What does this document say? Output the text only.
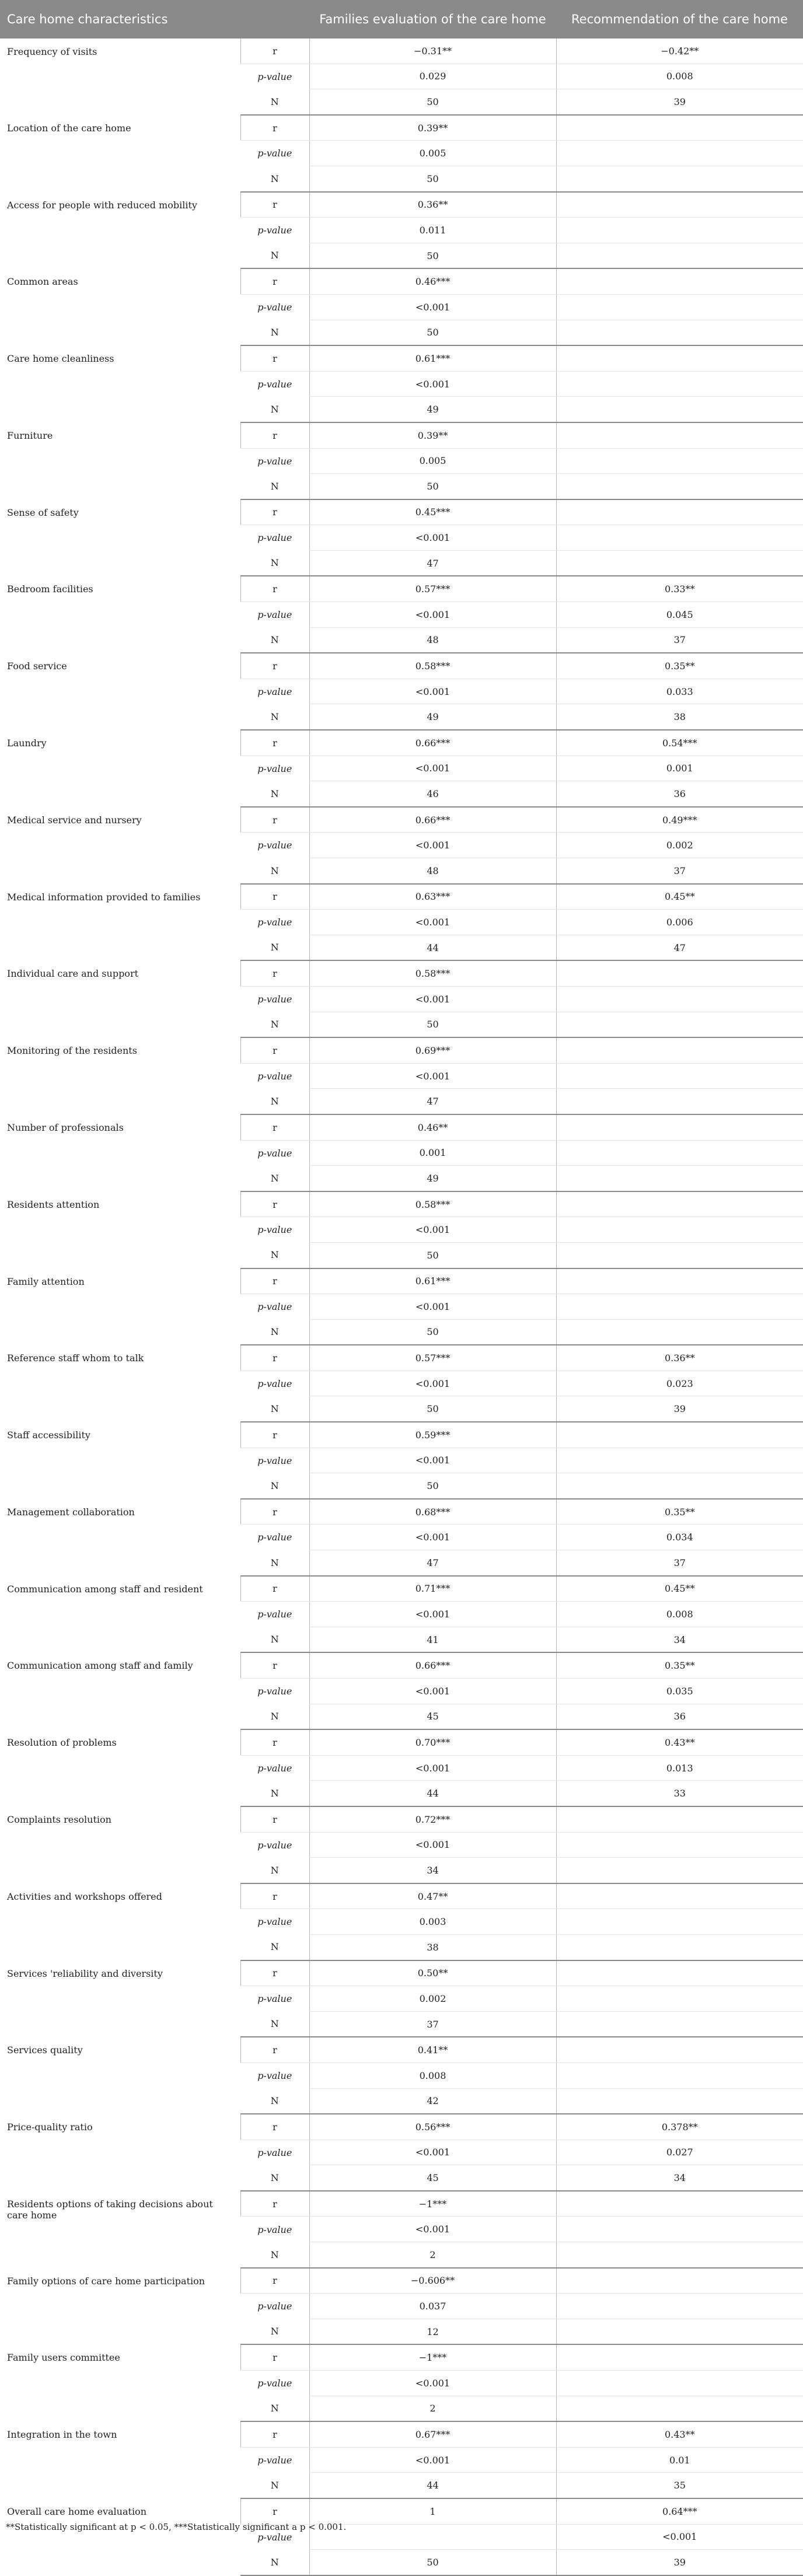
Care home characteristics		Families evaluation of the care home	Recommendation of the care home
Frequency of visits	r	−0.31**	−0.42**
	p-value	0.029	0.008
	N	50	39
Location of the care home	r	0.39**	
	p-value	0.005	
	N	50	
Access for people with reduced mobility	r	0.36**	
	p-value	0.011	
	N	50	
Common areas	r	0.46***	
	p-value	<0.001	
	N	50	
Care home cleanliness	r	0.61***	
	p-value	<0.001	
	N	49	
Furniture	r	0.39**	
	p-value	0.005	
	N	50	
Sense of safety	r	0.45***	
	p-value	<0.001	
	N	47	
Bedroom facilities	r	0.57***	0.33**
	p-value	<0.001	0.045
	N	48	37
Food service	r	0.58***	0.35**
	p-value	<0.001	0.033
	N	49	38
Laundry	r	0.66***	0.54***
	p-value	<0.001	0.001
	N	46	36
Medical service and nursery	r	0.66***	0.49***
	p-value	<0.001	0.002
	N	48	37
Medical information provided to families	r	0.63***	0.45**
	p-value	<0.001	0.006
	N	44	47
Individual care and support	r	0.58***	
	p-value	<0.001	
	N	50	
Monitoring of the residents	r	0.69***	
	p-value	<0.001	
	N	47	
Number of professionals	r	0.46**	
	p-value	0.001	
	N	49	
Residents attention	r	0.58***	
	p-value	<0.001	
	N	50	
Family attention	r	0.61***	
	p-value	<0.001	
	N	50	
Reference staff whom to talk	r	0.57***	0.36**
	p-value	<0.001	0.023
	N	50	39
Staff accessibility	r	0.59***	
	p-value	<0.001	
	N	50	
Management collaboration	r	0.68***	0.35**
	p-value	<0.001	0.034
	N	47	37
Communication among staff and resident	r	0.71***	0.45**
	p-value	<0.001	0.008
	N	41	34
Communication among staff and family	r	0.66***	0.35**
	p-value	<0.001	0.035
	N	45	36
Resolution of problems	r	0.70***	0.43**
	p-value	<0.001	0.013
	N	44	33
Complaints resolution	r	0.72***	
	p-value	<0.001	
	N	34	
Activities and workshops offered	r	0.47**	
	p-value	0.003	
	N	38	
Services 'reliability and diversity	r	0.50**	
	p-value	0.002	
	N	37	
Services quality	r	0.41**	
	p-value	0.008	
	N	42	
Price-quality ratio	r	0.56***	0.378**
	p-value	<0.001	0.027
	N	45	34
Residents options of taking decisions about care home	r	−1***	
	p-value	<0.001	
	N	2	
Family options of care home participation	r	−0.606**	
	p-value	0.037	
	N	12	
Family users committee	r	−1***	
	p-value	<0.001	
	N	2	
Integration in the town	r	0.67***	0.43**
	p-value	<0.001	0.01
	N	44	35
Overall care home evaluation	r	1	0.64***
	p-value		<0.001
	N	50	39
**Statistically significant at p < 0.05, ***Statistically significant a p < 0.001.
